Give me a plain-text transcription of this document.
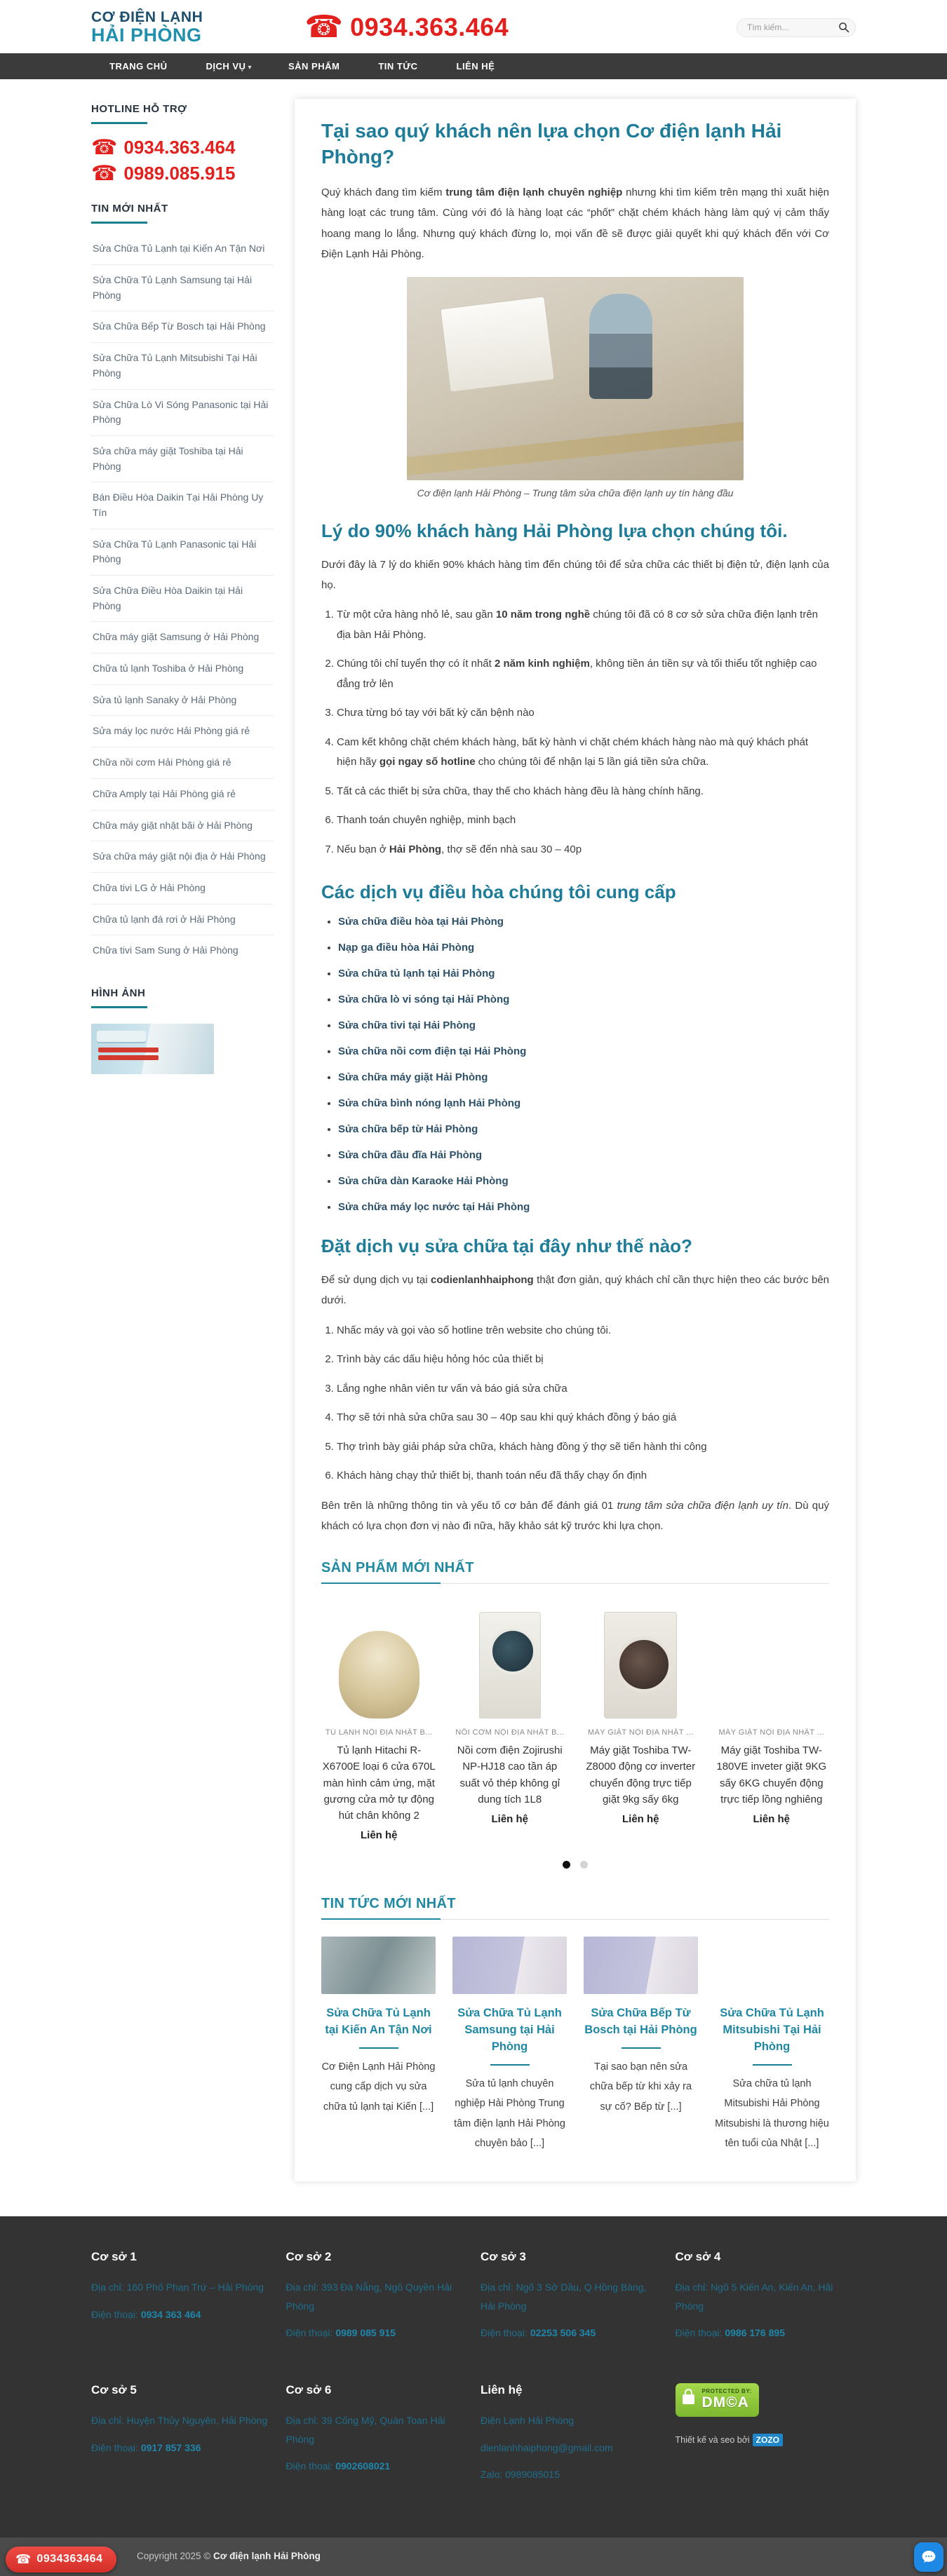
CƠ ĐIỆN LẠNH
HẢI PHÒNG	☎ 0934.363.464
Tìm kiếm...
TRANG CHỦ	DỊCH VỤ ▾	SẢN PHẨM	TIN TỨC	LIÊN HỆ
HOTLINE HỖ TRỢ
☎ 0934.363.464
☎ 0989.085.915
TIN MỚI NHẤT
Sửa Chữa Tủ Lạnh tại Kiến An Tận Nơi
Sửa Chữa Tủ Lạnh Samsung tại Hải Phòng
Sửa Chữa Bếp Từ Bosch tại Hải Phòng
Sửa Chữa Tủ Lạnh Mitsubishi Tại Hải Phòng
Sửa Chữa Lò Vi Sóng Panasonic tại Hải Phòng
Sửa chữa máy giặt Toshiba tại Hải Phòng
Bán Điều Hòa Daikin Tại Hải Phòng Uy Tín
Sửa Chữa Tủ Lạnh Panasonic tại Hải Phòng
Sửa Chữa Điều Hòa Daikin tại Hải Phòng
Chữa máy giặt Samsung ở Hải Phòng
Chữa tủ lạnh Toshiba ở Hải Phòng
Sửa tủ lạnh Sanaky ở Hải Phòng
Sửa máy lọc nước Hải Phòng giá rẻ
Chữa nồi cơm Hải Phòng giá rẻ
Chữa Amply tại Hải Phòng giá rẻ
Chữa máy giặt nhật bãi ở Hải Phòng
Sửa chữa máy giặt nội địa ở Hải Phòng
Chữa tivi LG ở Hải Phòng
Chữa tủ lạnh đá rơi ở Hải Phòng
Chữa tivi Sam Sung ở Hải Phòng
HÌNH ẢNH
Tại sao quý khách nên lựa chọn Cơ điện lạnh Hải Phòng?

Quý khách đang tìm kiếm trung tâm điện lạnh chuyên nghiệp nhưng khi tìm kiếm trên mạng thì xuất hiện hàng loạt các trung tâm. Cùng với đó là hàng loạt các “phốt” chặt chém khách hàng làm quý vị cảm thấy hoang mang lo lắng. Nhưng quý khách đừng lo, mọi vấn đề sẽ được giải quyết khi quý khách đến với Cơ Điện Lạnh Hải Phòng.

Cơ điện lạnh Hải Phòng – Trung tâm sửa chữa điện lạnh uy tín hàng đầu
Lý do 90% khách hàng Hải Phòng lựa chọn chúng tôi.

Dưới đây là 7 lý do khiến 90% khách hàng tìm đến chúng tôi để sửa chữa các thiết bị điện tử, điện lạnh của họ.

1. Từ một cửa hàng nhỏ lẻ, sau gần 10 năm trong nghề chúng tôi đã có 8 cơ sở sửa chữa điện lạnh trên địa bàn Hải Phòng.
2. Chúng tôi chỉ tuyển thợ có ít nhất 2 năm kinh nghiệm, không tiền án tiền sự và tối thiểu tốt nghiệp cao đẳng trở lên
3. Chưa từng bó tay với bất kỳ căn bệnh nào
4. Cam kết không chặt chém khách hàng, bất kỳ hành vi chặt chém khách hàng nào mà quý khách phát hiện hãy gọi ngay số hotline cho chúng tôi để nhận lại 5 lần giá tiền sửa chữa.
5. Tất cả các thiết bị sửa chữa, thay thế cho khách hàng đều là hàng chính hãng.
6. Thanh toán chuyên nghiệp, minh bạch
7. Nếu bạn ở Hải Phòng, thợ sẽ đến nhà sau 30 – 40p
Các dịch vụ điều hòa chúng tôi cung cấp
• Sửa chữa điều hòa tại Hải Phòng
• Nạp ga điều hòa Hải Phòng
• Sửa chữa tủ lạnh tại Hải Phòng
• Sửa chữa lò vi sóng tại Hải Phòng
• Sửa chữa tivi tại Hải Phòng
• Sửa chữa nồi cơm điện tại Hải Phòng
• Sửa chữa máy giặt Hải Phòng
• Sửa chữa bình nóng lạnh Hải Phòng
• Sửa chữa bếp từ Hải Phòng
• Sửa chữa đầu đĩa Hải Phòng
• Sửa chữa dàn Karaoke Hải Phòng
• Sửa chữa máy lọc nước tại Hải Phòng
Đặt dịch vụ sửa chữa tại đây như thế nào?

Để sử dụng dịch vụ tại codienlanhhaiphong thật đơn giản, quý khách chỉ cần thực hiện theo các bước bên dưới.

1. Nhấc máy và gọi vào số hotline trên website cho chúng tôi.
2. Trình bày các dấu hiệu hỏng hóc của thiết bị
3. Lắng nghe nhân viên tư vấn và báo giá sửa chữa
4. Thợ sẽ tới nhà sửa chữa sau 30 – 40p sau khi quý khách đồng ý báo giá
5. Thợ trình bày giải pháp sửa chữa, khách hàng đồng ý thợ sẽ tiến hành thi công
6. Khách hàng chạy thử thiết bị, thanh toán nếu đã thấy chạy ổn định

Bên trên là những thông tin và yếu tố cơ bản để đánh giá 01 trung tâm sửa chữa điện lạnh uy tín. Dù quý khách có lựa chọn đơn vị nào đi nữa, hãy khảo sát kỹ trước khi lựa chọn.

SẢN PHẨM MỚI NHẤT
TỦ LẠNH NỘI ĐỊA NHẬT B...
Tủ lạnh Hitachi R-X6700E loại 6 cửa 670L màn hình cảm ứng, mặt gương cửa mở tự động hút chân không 2
Liên hệ
NỒI CƠM NỘI ĐỊA NHẬT B...
Nồi cơm điện Zojirushi NP-HJ18 cao tần áp suất vỏ thép không gỉ dung tích 1L8
Liên hệ
MÁY GIẶT NỘI ĐỊA NHẬT ...
Máy giặt Toshiba TW-Z8000 động cơ inverter chuyển động trực tiếp giặt 9kg sấy 6kg
Liên hệ
MÁY GIẶT NỘI ĐỊA NHẬT ...
Máy giặt Toshiba TW-180VE inveter giặt 9KG sấy 6KG chuyển động trực tiếp lồng nghiêng
Liên hệ

TIN TỨC MỚI NHẤT
Sửa Chữa Tủ Lạnh tại Kiến An Tận Nơi
Cơ Điện Lạnh Hải Phòng cung cấp dịch vụ sửa chữa tủ lạnh tại Kiến [...]
Sửa Chữa Tủ Lạnh Samsung tại Hải Phòng
Sửa tủ lạnh chuyên nghiệp Hải Phòng Trung tâm điện lạnh Hải Phòng chuyên bảo [...]
Sửa Chữa Bếp Từ Bosch tại Hải Phòng
Tại sao bạn nên sửa chữa bếp từ khi xảy ra sự cố? Bếp từ [...]
Sửa Chữa Tủ Lạnh Mitsubishi Tại Hải Phòng
Sửa chữa tủ lạnh Mitsubishi Hải Phòng Mitsubishi là thương hiệu tên tuổi của Nhật [...]
Cơ sở 1

Địa chỉ: 160 Phố Phan Trứ – Hải Phòng

Điện thoại: 0934 363 464

Cơ sở 2

Địa chỉ: 393 Đà Nẵng, Ngô Quyền Hải Phòng

Điện thoại: 0989 085 915

Cơ sở 3

Địa chỉ: Ngõ 3 Sở Dầu, Q Hồng Bàng, Hải Phòng

Điện thoại: 02253 506 345

Cơ sở 4

Địa chỉ: Ngõ 5 Kiến An, Kiến An, Hải Phòng

Điện thoại: 0986 176 895

Cơ sở 5

Địa chỉ: Huyện Thủy Nguyên, Hải Phòng

Điện thoại: 0917 857 336

Cơ sở 6

Địa chỉ: 39 Cống Mỹ, Quán Toan Hải Phòng

Điện thoại: 0902608021

Liên hệ

Điện Lạnh Hải Phòng

dienlanhhaiphong@gmail.com

Zalo: 0989085015

PROTECTED BY:
DM©A
Thiết kế và seo bởi ZOZO
Copyright 2025 © Cơ điện lạnh Hải Phòng
☎ 0934363464
